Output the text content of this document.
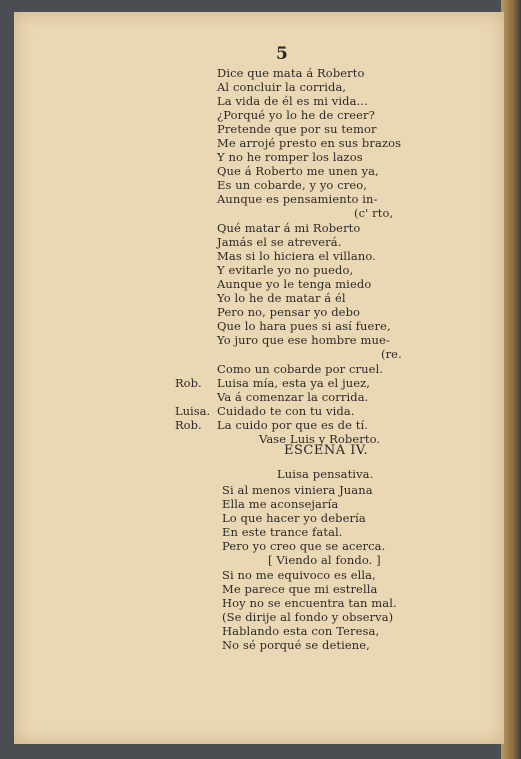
5
Dice que mata á Roberto
Al concluir la corrida,
La vida de él es mi vida...
¿Porqué yo lo he de creer?
Pretende que por su temor
Me arrojé presto en sus brazos
Y no he romper los lazos
Que á Roberto me unen ya,
Es un cobarde, y yo creo,
Aunque es pensamiento in-
(c' rto,
Qué matar á mi Roberto
Jamás el se atreverá.
Mas si lo hiciera el villano.
Y evitarle yo no puedo,
Aunque yo le tenga miedo
Yo lo he de matar á él
Pero no, pensar yo debo
Que lo hara pues si así fuere,
Yo juro que ese hombre mue-
(re.
Como un cobarde por cruel.
Luisa mía, esta ya el juez,
Va á comenzar la corrida.
Cuidado te con tu vida.
La cuido por que es de tí.
Vase Luis y Roberto.
Rob.
Luisa.
Rob.
ESCENA IV.
Luisa pensativa.
Si al menos viniera Juana
Ella me aconsejaría
Lo que hacer yo debería
En este trance fatal.
Pero yo creo que se acerca.
[ Viendo al fondo. ]
Si no me equivoco es ella,
Me parece que mi estrella
Hoy no se encuentra tan mal.
(Se dirije al fondo y observa)
Hablando esta con Teresa,
No sé porqué se detiene,
